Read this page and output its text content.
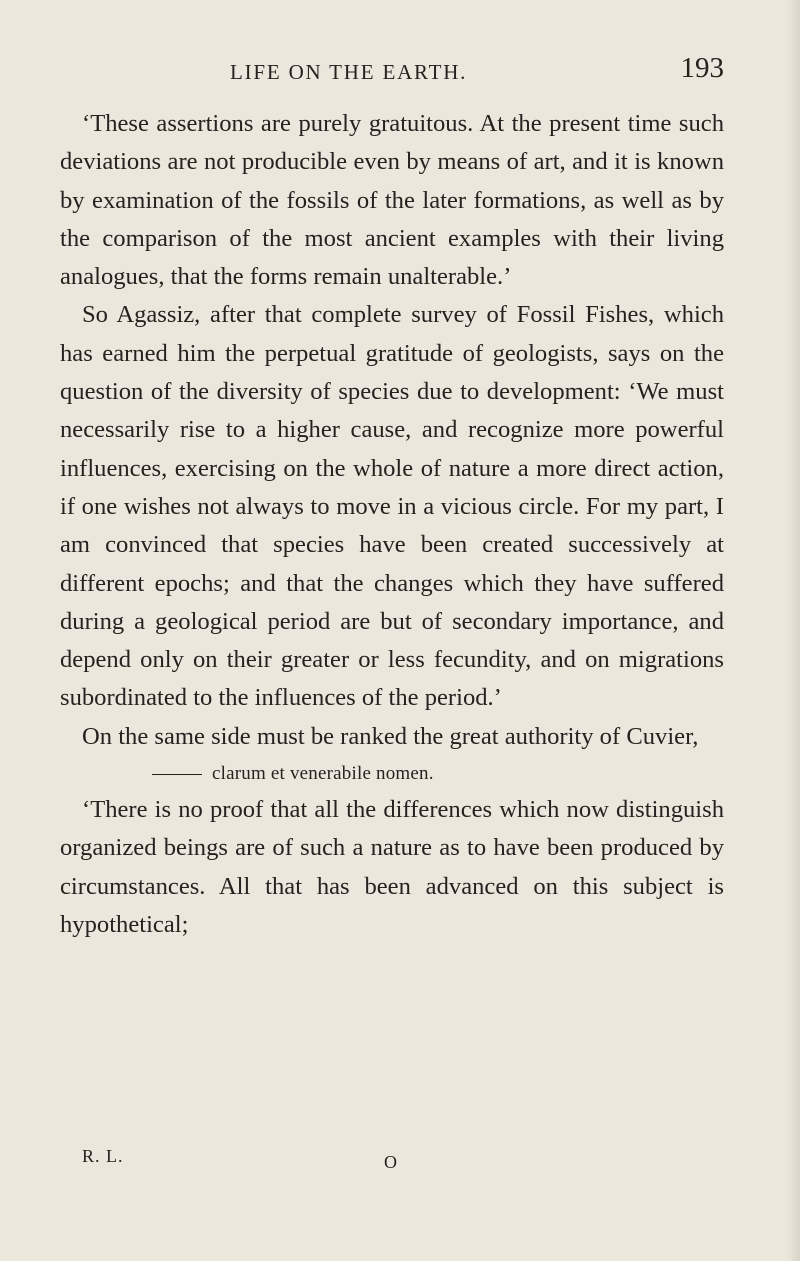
LIFE ON THE EARTH.	193

‘These assertions are purely gratuitous. At the present time such deviations are not producible even by means of art, and it is known by examination of the fossils of the later formations, as well as by the comparison of the most ancient examples with their living analogues, that the forms remain unalterable.’

So Agassiz, after that complete survey of Fossil Fishes, which has earned him the perpetual gratitude of geologists, says on the question of the diversity of species due to development: ‘We must necessarily rise to a higher cause, and recognize more powerful influences, exercising on the whole of nature a more direct action, if one wishes not always to move in a vicious circle. For my part, I am convinced that species have been created successively at different epochs; and that the changes which they have suffered during a geological period are but of secondary importance, and depend only on their greater or less fecundity, and on migrations subordinated to the influences of the period.’

On the same side must be ranked the great authority of Cuvier,

clarum et venerabile nomen.

‘There is no proof that all the differences which now distinguish organized beings are of such a nature as to have been produced by circumstances. All that has been advanced on this subject is hypothetical;

R. L.	O
